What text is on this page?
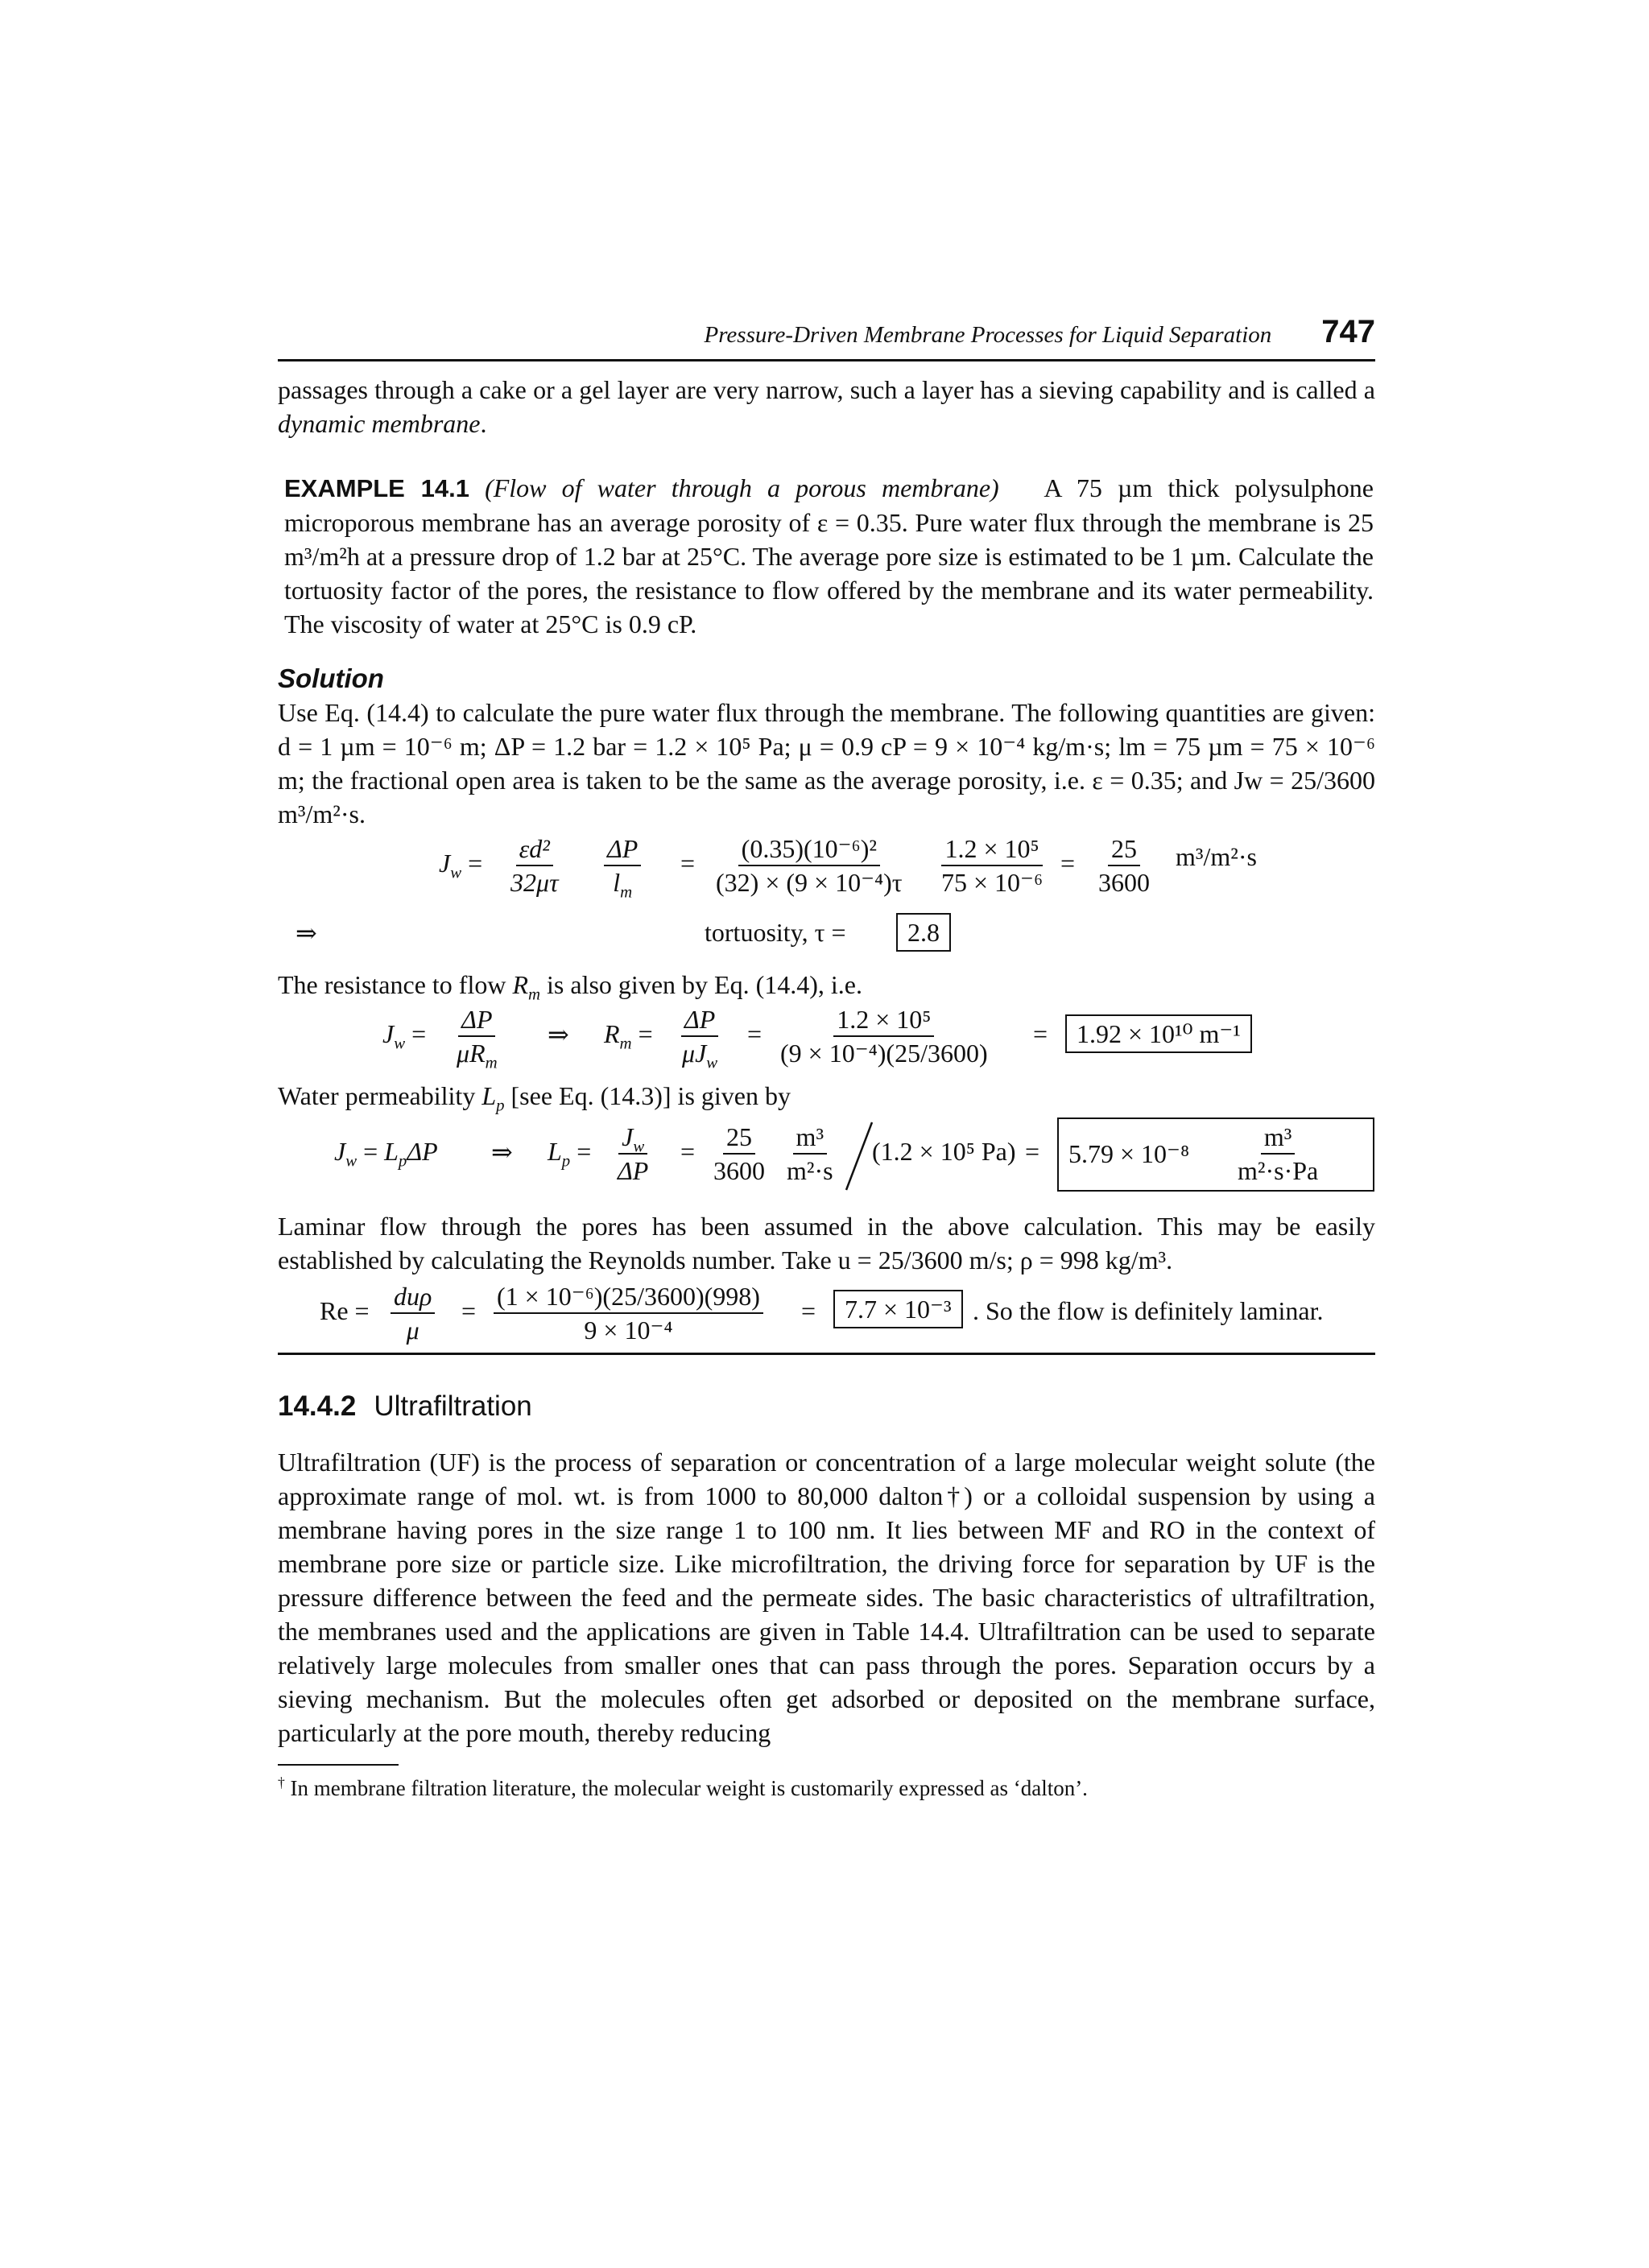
Pressure-Driven Membrane Processes for Liquid Separation 747

passages through a cake or a gel layer are very narrow, such a layer has a sieving capability and is called a dynamic membrane.

EXAMPLE 14.1 (Flow of water through a porous membrane) A 75 µm thick polysulphone microporous membrane has an average porosity of ε = 0.35. Pure water flux through the membrane is 25 m³/m²h at a pressure drop of 1.2 bar at 25°C. The average pore size is estimated to be 1 µm. Calculate the tortuosity factor of the pores, the resistance to flow offered by the membrane and its water permeability. The viscosity of water at 25°C is 0.9 cP.

Solution

Use Eq. (14.4) to calculate the pure water flux through the membrane. The following quantities are given: d = 1 µm = 10⁻⁶ m; ΔP = 1.2 bar = 1.2 × 10⁵ Pa; μ = 0.9 cP = 9 × 10⁻⁴ kg/m·s; lm = 75 µm = 75 × 10⁻⁶ m; the fractional open area is taken to be the same as the average porosity, i.e. ε = 0.35; and Jw = 25/3600 m³/m²·s.

$J_w = \frac{\text{εd²}}{32\mu\tau} \frac{\Delta P}{l_m} = \frac{\text{(0.35)(10⁻⁶)²}}{\text{(32) × (9 × 10⁻⁴)τ}} \frac{\text{1.2 × 10⁵}}{\text{75 × 10⁻⁶}} = \frac{25}{3600} m^3/m^2\cdot s$
⇒	tortuosity, τ =	2.8

The resistance to flow $R_m$ is also given by Eq. (14.4), i.e.

$J_w = \Delta P$
$\mu R_m$
⇒ $R_m = \Delta P$
$\mu J_w$
= $\frac{\text{1.2 × 10⁵}}{\text{(9 × 10⁻⁴)(25/3600)}}$ =	1.92 × 10¹⁰ m⁻¹

Water permeability $L_p$ [see Eq. (14.3)] is given by

$J_w = L_p\Delta P$ ⇒ $L_p = \frac{J_w}{\Delta P} = \frac{25}{3600} \frac{\text{m³}}{\text{m²·s}} (1.2 \times 10^5$ $Pa) = 5.79 \times 10^{-8} \frac{\text{m³}}{\text{m²·s·Pa}}$

Laminar flow through the pores has been assumed in the above calculation. This may be easily established by calculating the Reynolds number. Take u = 25/3600 m/s; ρ = 998 kg/m³.

Re = duρ
μ
= $\frac{\text{(1 × 10⁻⁶)(25/3600)(998)}}{\text{9 × 10⁻⁴}}$ =	7.7 × 10⁻³ . So the flow is definitely laminar.
14.4.2 Ultrafiltration

Ultrafiltration (UF) is the process of separation or concentration of a large molecular weight solute (the approximate range of mol. wt. is from 1000 to 80,000 dalton†) or a colloidal suspension by using a membrane having pores in the size range 1 to 100 nm. It lies between MF and RO in the context of membrane pore size or particle size. Like microfiltration, the driving force for separation by UF is the pressure difference between the feed and the permeate sides. The basic characteristics of ultrafiltration, the membranes used and the applications are given in Table 14.4. Ultrafiltration can be used to separate relatively large molecules from smaller ones that can pass through the pores. Separation occurs by a sieving mechanism. But the molecules often get adsorbed or deposited on the membrane surface, particularly at the pore mouth, thereby reducing

† In membrane filtration literature, the molecular weight is customarily expressed as ‘dalton’.
